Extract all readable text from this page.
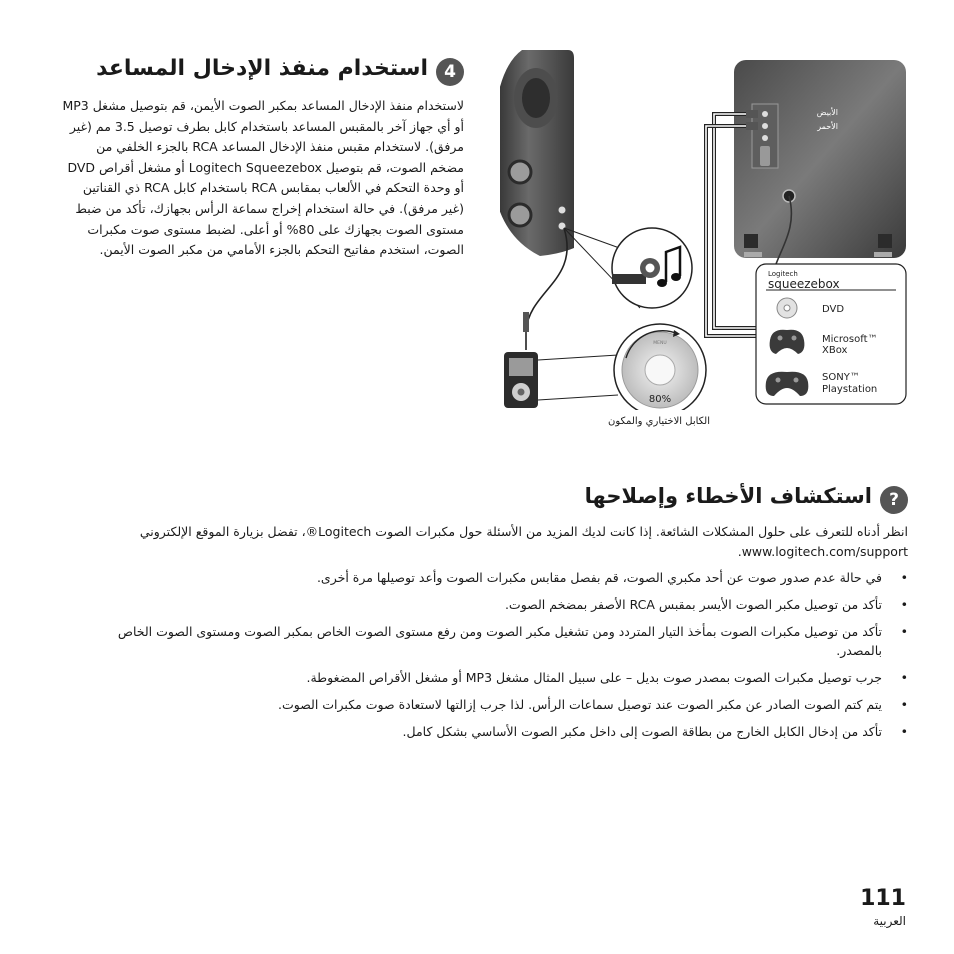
4
استخدام منفذ الإدخال المساعد
لاستخدام منفذ الإدخال المساعد بمكبر الصوت الأيمن، قم بتوصيل مشغل MP3 أو أي جهاز آخر بالمقبس المساعد باستخدام كابل بطرف توصيل 3.5 مم (غير مرفق). لاستخدام مقبس منفذ الإدخال المساعد RCA بالجزء الخلفي من مضخم الصوت، قم بتوصيل Logitech Squeezebox أو مشغل أقراص DVD أو وحدة التحكم في الألعاب بمقابس RCA باستخدام كابل RCA ذي القناتين (غير مرفق). في حالة استخدام إخراج سماعة الرأس بجهازك، تأكد من ضبط مستوى الصوت بجهازك على 80% أو أعلى. لضبط مستوى صوت مكبرات الصوت، استخدم مفاتيح التحكم بالجزء الأمامي من مكبر الصوت الأيمن.
MENU
80%
الأبيض
الأحمر
Logitech
squeezebox
DVD
Microsoft™
XBox
SONY™
Playstation
الكابل الاختياري والمكون
?
استكشاف الأخطاء وإصلاحها
انظر أدناه للتعرف على حلول المشكلات الشائعة. إذا كانت لديك المزيد من الأسئلة حول مكبرات الصوت Logitech®، تفضل بزيارة الموقع الإلكتروني
www.logitech.com/support.
•
في حالة عدم صدور صوت عن أحد مكبري الصوت، قم بفصل مقابس مكبرات الصوت وأعد توصيلها مرة أخرى.
•
تأكد من توصيل مكبر الصوت الأيسر بمقبس RCA الأصفر بمضخم الصوت.
•
تأكد من توصيل مكبرات الصوت بمأخذ التيار المتردد ومن تشغيل مكبر الصوت ومن رفع مستوى الصوت الخاص بمكبر الصوت ومستوى الصوت الخاص بالمصدر.
•
جرب توصيل مكبرات الصوت بمصدر صوت بديل – على سبيل المثال مشغل MP3 أو مشغل الأقراص المضغوطة.
•
يتم كتم الصوت الصادر عن مكبر الصوت عند توصيل سماعات الرأس. لذا جرب إزالتها لاستعادة صوت مكبرات الصوت.
•
تأكد من إدخال الكابل الخارج من بطاقة الصوت إلى داخل مكبر الصوت الأساسي بشكل كامل.
111
العربية
